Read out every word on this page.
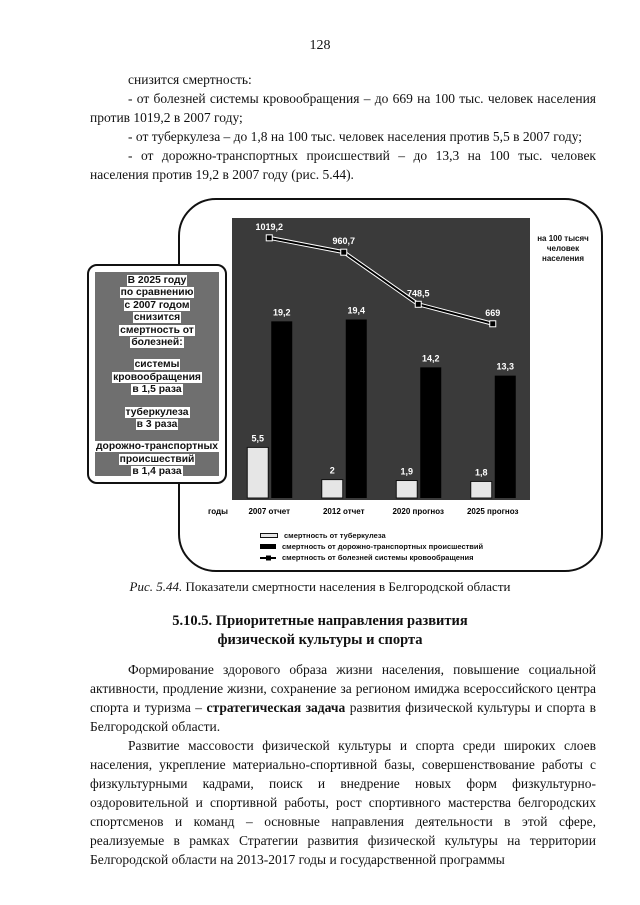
128

снизится смертность:

- от болезней системы кровообращения – до 669 на 100 тыс. человек населения против 1019,2 в 2007 году;

- от туберкулеза – до 1,8 на 100 тыс. человек населения против 5,5 в 2007 году;

- от дорожно-транспортных происшествий – до 13,3 на 100 тыс. человек населения против 19,2 в 2007 году (рис. 5.44).

5,5
19,2
2
19,4
1,9
14,2
1,8
13,3
1019,2
960,7
748,5
669
на 100 тысяч человек населения
В 2025 году
по сравнению
с 2007 годом
снизится
смертность от
болезней:
системы
кровообращения
в 1,5 раза
туберкулеза
в 3 раза
дорожно-транспортных
происшествий
в 1,4 раза
годы	2007 отчет	2012 отчет	2020 прогноз	2025 прогноз
смертность от туберкулеза
смертность от дорожно-транспортных происшествий
смертность от болезней системы кровообращения
Рис. 5.44. Показатели смертности населения в Белгородской области
5.10.5. Приоритетные направления развития
физической культуры и спорта

Формирование здорового образа жизни населения, повышение социальной активности, продление жизни, сохранение за регионом имиджа всероссийского центра спорта и туризма – стратегическая задача развития физической культуры и спорта в Белгородской области.

Развитие массовости физической культуры и спорта среди широких слоев населения, укрепление материально-спортивной базы, совершенствование работы с физкультурными кадрами, поиск и внедрение новых форм физкультурно-оздоровительной и спортивной работы, рост спортивного мастерства белгородских спортсменов и команд – основные направления деятельности в этой сфере, реализуемые в рамках Стратегии развития физической культуры на территории Белгородской области на 2013-2017 годы и государственной программы
